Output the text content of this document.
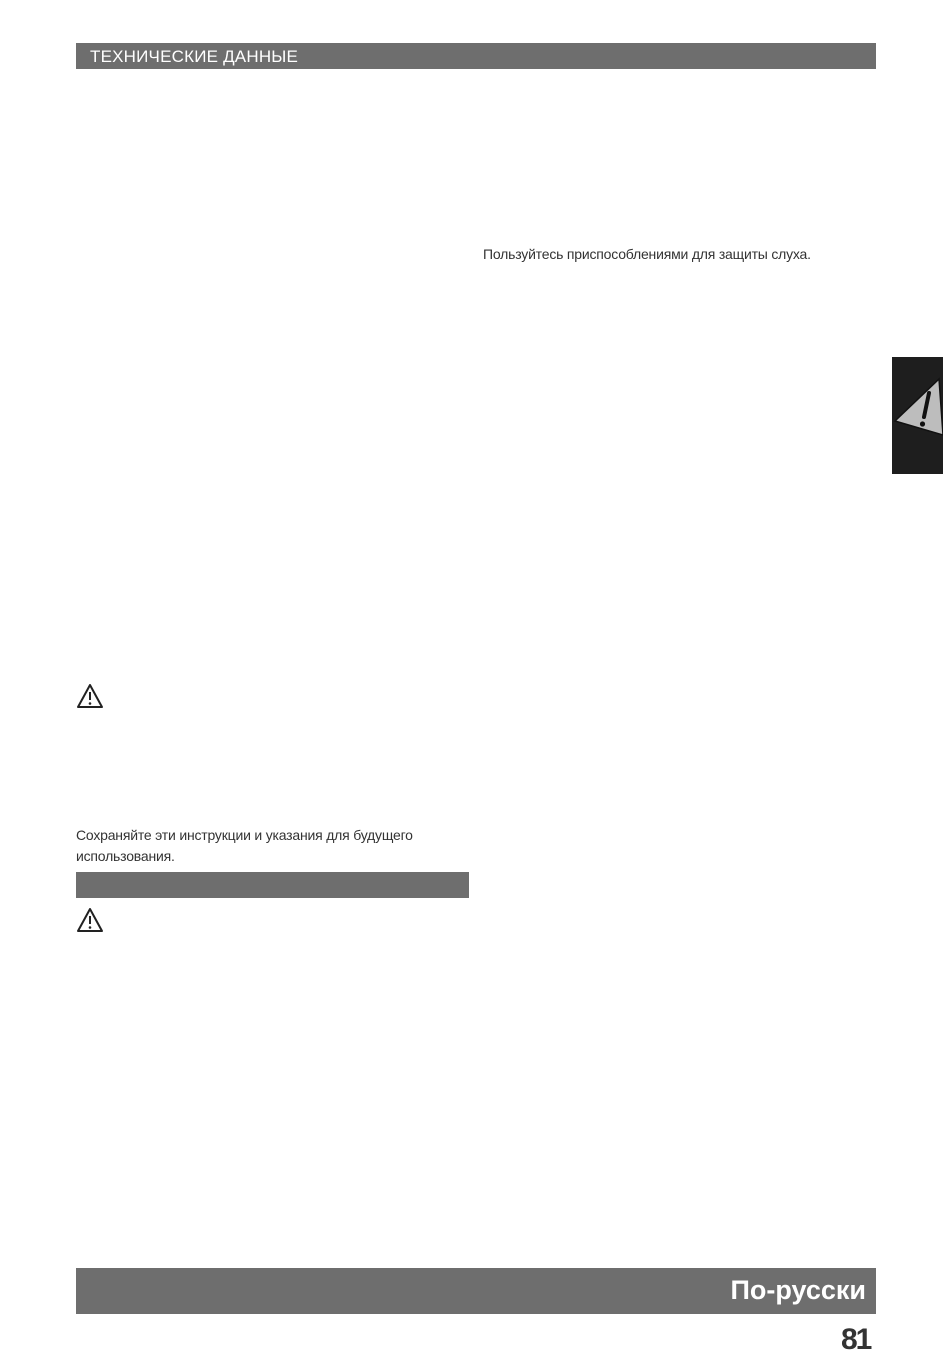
ТЕХНИЧЕСКИЕ ДАННЫЕ
Пользуйтесь приспособлениями для защиты слуха.
Сохраняйте эти инструкции и указания для будущего использования.
По-русски
81
